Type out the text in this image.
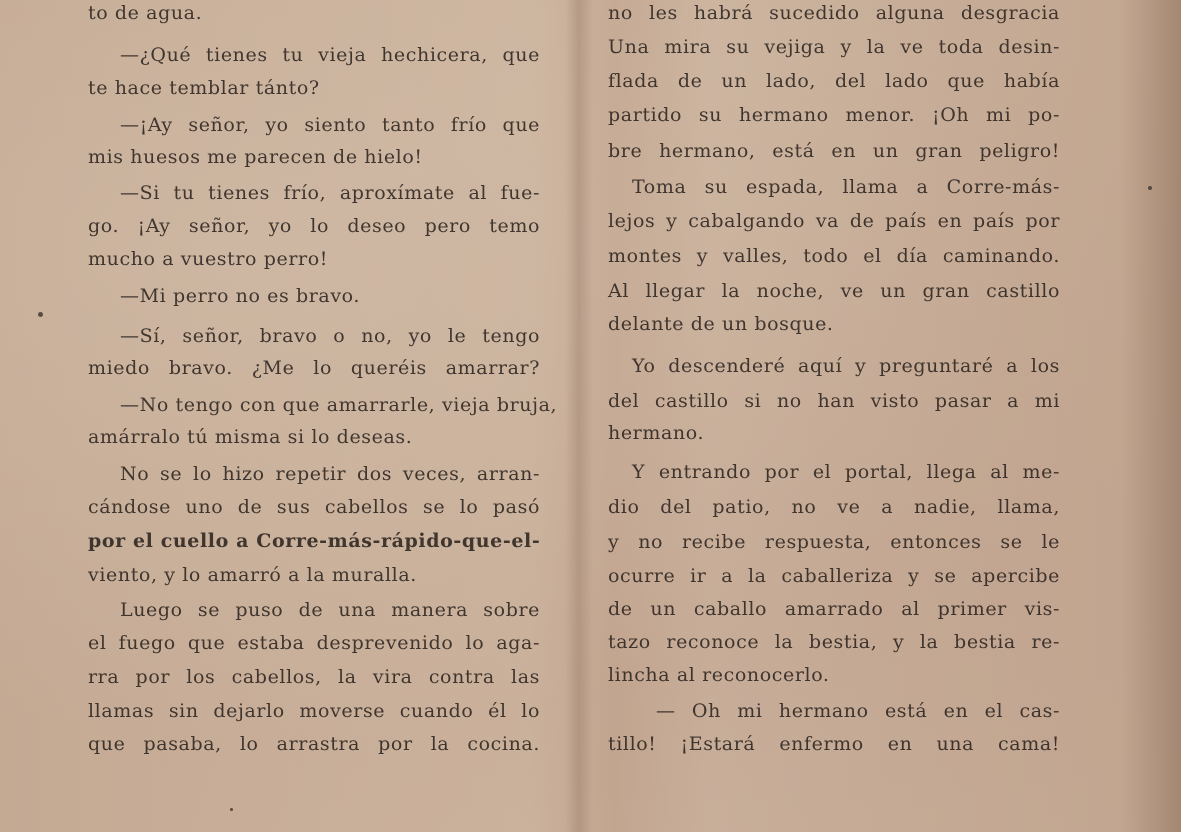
to de agua.
—¿Qué tienes tu vieja hechicera, que
te hace temblar tánto?
—¡Ay señor, yo siento tanto frío que
mis huesos me parecen de hielo!
—Si tu tienes frío, aproxímate al fue-
go. ¡Ay señor, yo lo deseo pero temo
mucho a vuestro perro!
—Mi perro no es bravo.
—Sí, señor, bravo o no, yo le tengo
miedo bravo. ¿Me lo queréis amarrar?
—No tengo con que amarrarle, vieja bruja,
amárralo tú misma si lo deseas.
No se lo hizo repetir dos veces, arran-
cándose uno de sus cabellos se lo pasó
por el cuello a Corre-más-rápido-que-el-
viento, y lo amarró a la muralla.
Luego se puso de una manera sobre
el fuego que estaba desprevenido lo aga-
rra por los cabellos, la vira contra las
llamas sin dejarlo moverse cuando él lo
que pasaba, lo arrastra por la cocina.
no les habrá sucedido alguna desgracia
Una mira su vejiga y la ve toda desin-
flada de un lado, del lado que había
partido su hermano menor. ¡Oh mi po-
bre hermano, está en un gran peligro!
Toma su espada, llama a Corre-más-
lejos y cabalgando va de país en país por
montes y valles, todo el día caminando.
Al llegar la noche, ve un gran castillo
delante de un bosque.
Yo descenderé aquí y preguntaré a los
del castillo si no han visto pasar a mi
hermano.
Y entrando por el portal, llega al me-
dio del patio, no ve a nadie, llama,
y no recibe respuesta, entonces se le
ocurre ir a la caballeriza y se apercibe
de un caballo amarrado al primer vis-
tazo reconoce la bestia, y la bestia re-
lincha al reconocerlo.
— Oh mi hermano está en el cas-
tillo! ¡Estará enfermo en una cama!
